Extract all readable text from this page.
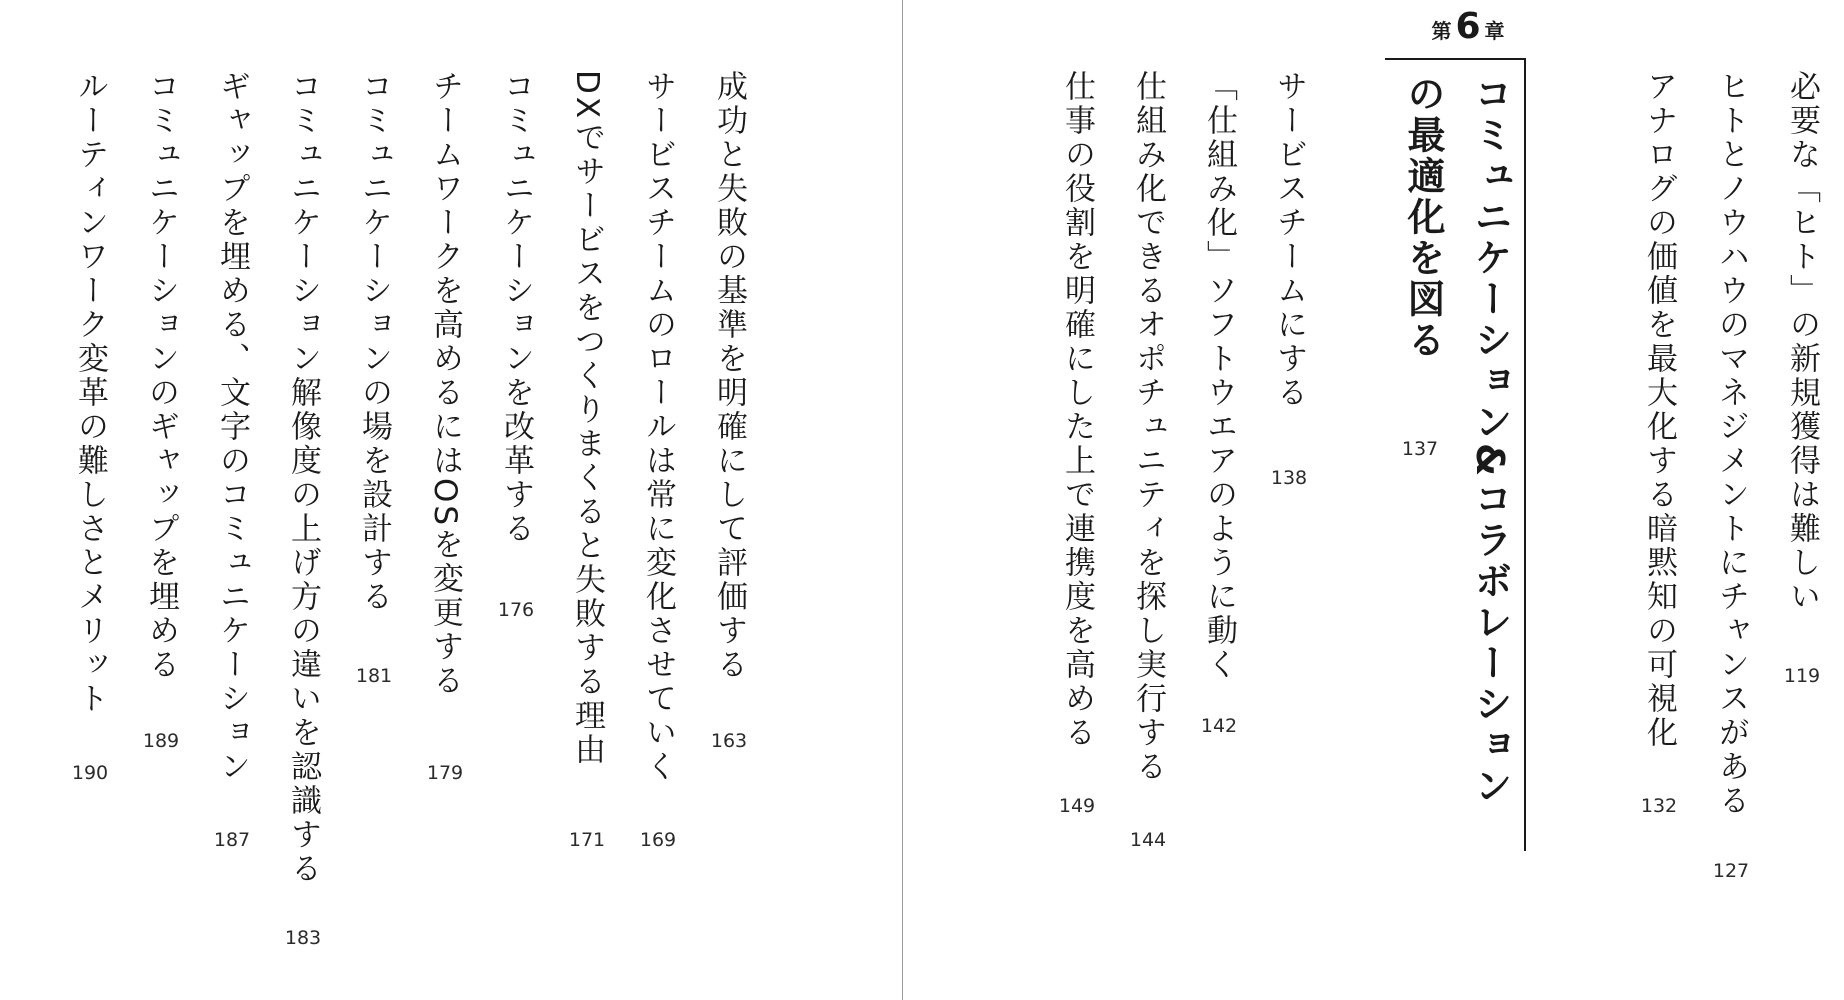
必要な「ヒト」の新規獲得は難しい
119
ヒトとノウハウのマネジメントにチャンスがある
127
アナログの価値を最大化する暗黙知の可視化
132
第 6 章
コミュニケーション&コラボレーション
の最適化を図る
137
サービスチームにする
138
「仕組み化」ソフトウエアのように動く
142
仕組み化できるオポチュニティを探し実行する
144
仕事の役割を明確にした上で連携度を高める
149
成功と失敗の基準を明確にして評価する
163
サービスチームのロールは常に変化させていく
169
DXでサービスをつくりまくると失敗する理由
171
コミュニケーションを改革する
176
チームワークを高めるにはOSを変更する
179
コミュニケーションの場を設計する
181
コミュニケーション解像度の上げ方の違いを認識する
183
ギャップを埋める、文字のコミュニケーション
187
コミュニケーションのギャップを埋める
189
ルーティンワーク変革の難しさとメリット
190
